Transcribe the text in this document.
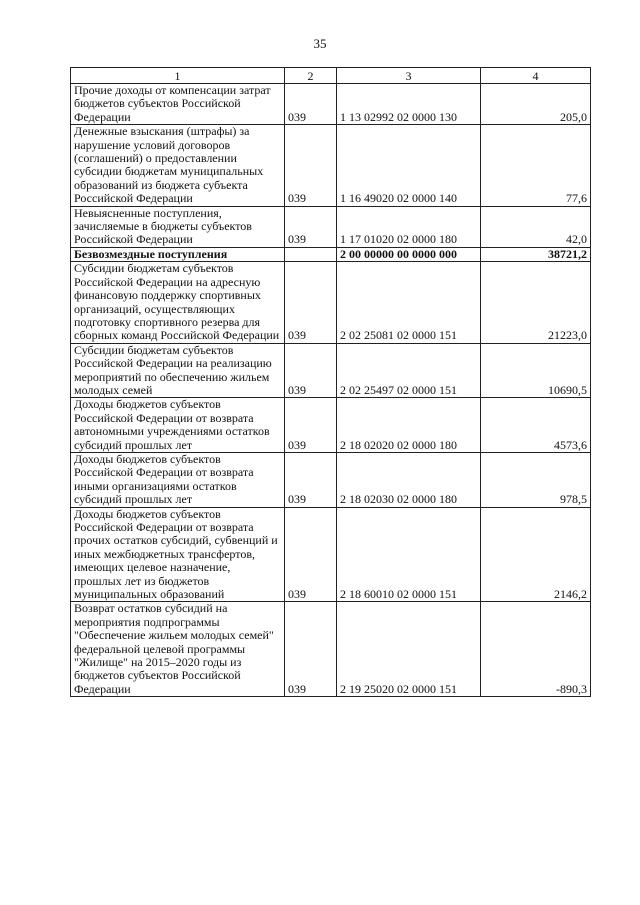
35
1	2	3	4
Прочие доходы от компенсации затрат бюджетов субъектов Российской Федерации	039	1 13 02992 02 0000 130	205,0
Денежные взыскания (штрафы) за нарушение условий договоров (соглашений) о предоставлении субсидии бюджетам муниципальных образований из бюджета субъекта Российской Федерации	039	1 16 49020 02 0000 140	77,6
Невыясненные поступления, зачисляемые в бюджеты субъектов Российской Федерации	039	1 17 01020 02 0000 180	42,0
Безвозмездные поступления		2 00 00000 00 0000 000	38721,2
Субсидии бюджетам субъектов Российской Федерации на адресную финансовую поддержку спортивных организаций, осуществляющих подготовку спортивного резерва для сборных команд Российской Федерации	039	2 02 25081 02 0000 151	21223,0
Субсидии бюджетам субъектов Российской Федерации на реализацию мероприятий по обеспечению жильем молодых семей	039	2 02 25497 02 0000 151	10690,5
Доходы бюджетов субъектов Российской Федерации от возврата автономными учреждениями остатков субсидий прошлых лет	039	2 18 02020 02 0000 180	4573,6
Доходы бюджетов субъектов Российской Федерации от возврата иными организациями остатков субсидий прошлых лет	039	2 18 02030 02 0000 180	978,5
Доходы бюджетов субъектов Российской Федерации от возврата прочих остатков субсидий, субвенций и иных межбюджетных трансфертов, имеющих целевое назначение, прошлых лет из бюджетов муниципальных образований	039	2 18 60010 02 0000 151	2146,2
Возврат остатков субсидий на мероприятия подпрограммы "Обеспечение жильем молодых семей" федеральной целевой программы "Жилище" на 2015–2020 годы из бюджетов субъектов Российской Федерации	039	2 19 25020 02 0000 151	-890,3
